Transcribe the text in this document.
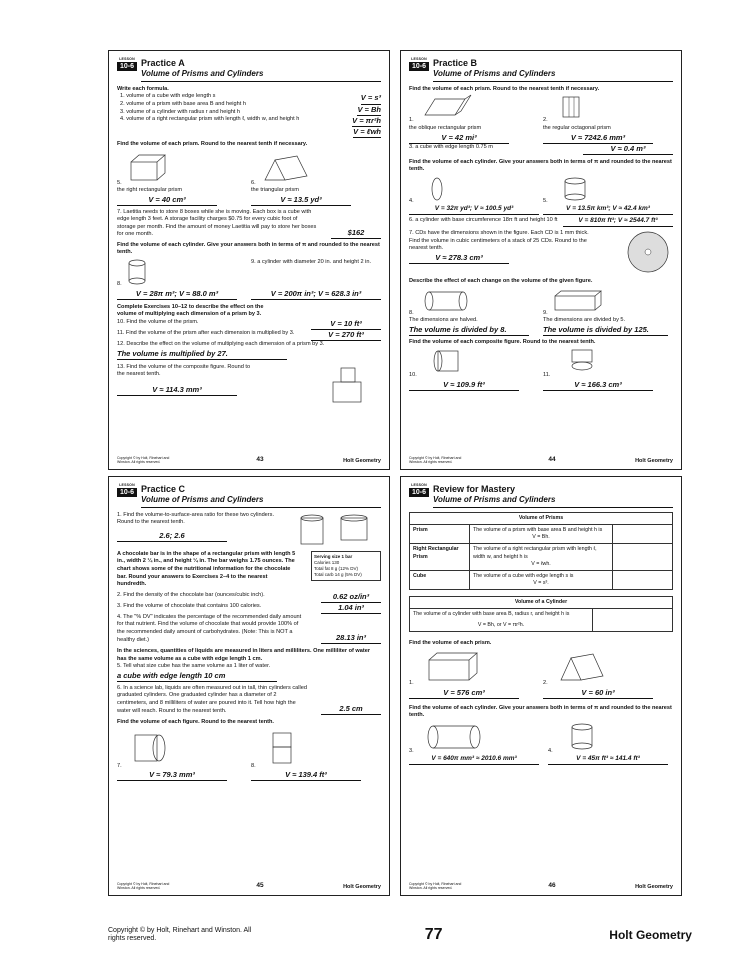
LESSON
10-6 Practice A
Volume of Prisms and Cylinders
Write each formula.
1. volume of a cube with edge length s
2. volume of a prism with base area B and height h
3. volume of a cylinder with radius r and height h
4. volume of a right rectangular prism with length ℓ, width w, and height h
V = s³
V = Bh
V = πr²h
V = ℓwh
Find the volume of each prism. Round to the nearest tenth if necessary.
5.
the right rectangular prism
V = 40 cm³
6.
the triangular prism
V ≈ 13.5 yd³
7. Laetitia needs to store 8 boxes while she is moving. Each box is a cube with edge length 3 feet. A storage facility charges $0.75 for every cubic foot of storage per month. Find the amount of money Laetitia will pay to store her boxes for one month.	$162
Find the volume of each cylinder. Give your answers both in terms of π and rounded to the nearest tenth.
8.
9. a cylinder with diameter 20 in. and height 2 in.
V = 28π m³; V ≈ 88.0 m³	V = 200π in³; V ≈ 628.3 in³
Complete Exercises 10–12 to describe the effect on the volume of multiplying each dimension of a prism by 3.
10. Find the volume of the prism.	V = 10 ft³
11. Find the volume of the prism after each dimension is multiplied by 3.	V = 270 ft³
12. Describe the effect on the volume of multiplying each dimension of a prism by 3.
The volume is multiplied by 27.
13. Find the volume of the composite figure. Round to the nearest tenth.
V ≈ 114.3 mm³
Copyright © by Holt, Rinehart and Winston. All rights reserved.	43	Holt Geometry
LESSON
10-6 Practice B
Volume of Prisms and Cylinders
Find the volume of each prism. Round to the nearest tenth if necessary.
1.
the oblique rectangular prism
V = 42 mi³
2.
the regular octagonal prism
V ≈ 7242.6 mm³
3. a cube with edge length 0.75 m	V ≈ 0.4 m³
Find the volume of each cylinder. Give your answers both in terms of π and rounded to the nearest tenth.
4.	5.
V = 32π yd³; V ≈ 100.5 yd³	V = 13.5π km³; V ≈ 42.4 km³
6. a cylinder with base circumference 18π ft and height 10 ft	V = 810π ft³; V ≈ 2544.7 ft³
7. CDs have the dimensions shown in the figure. Each CD is 1 mm thick. Find the volume in cubic centimeters of a stack of 25 CDs. Round to the nearest tenth.
V ≈ 278.3 cm³
Describe the effect of each change on the volume of the given figure.
8.
The dimensions are halved.
The volume is divided by 8.
9.
The dimensions are divided by 5.
The volume is divided by 125.
Find the volume of each composite figure. Round to the nearest tenth.
10.  V ≈ 109.9 ft³
11.  V ≈ 166.3 cm³
Copyright © by Holt, Rinehart and Winston. All rights reserved.	44	Holt Geometry
LESSON
10-6 Practice C
Volume of Prisms and Cylinders
1. Find the volume-to-surface-area ratio for these two cylinders. Round to the nearest tenth.
2.6; 2.6
A chocolate bar is in the shape of a rectangular prism with length 5 in., width 2 ¼ in., and height ¼ in. The bar weighs 1.75 ounces. The chart shows some of the nutritional information for the chocolate bar. Round your answers to Exercises 2–4 to the nearest hundredth.
Serving size 1 bar
Calories 130
Total fat 8 g (12% DV)
Total carb 14 g (5% DV)
2. Find the density of the chocolate bar (ounces/cubic inch).	0.62 oz/in³
3. Find the volume of chocolate that contains 100 calories.	1.04 in³
4. The "% DV" indicates the percentage of the recommended daily amount for that nutrient. Find the volume of chocolate that would provide 100% of the recommended daily amount of carbohydrates. (Note: This is NOT a healthy diet.)	28.13 in³
In the sciences, quantities of liquids are measured in liters and milliliters. One milliliter of water has the same volume as a cube with edge length 1 cm.
5. Tell what size cube has the same volume as 1 liter of water.
a cube with edge length 10 cm
6. In a science lab, liquids are often measured out in tall, thin cylinders called graduated cylinders. One graduated cylinder has a diameter of 2 centimeters, and 8 milliliters of water are poured into it. Tell how high the water will reach. Round to the nearest tenth.	2.5 cm
Find the volume of each figure. Round to the nearest tenth.
7.  V ≈ 79.3 mm³
8.  V ≈ 139.4 ft³
Copyright © by Holt, Rinehart and Winston. All rights reserved.	45	Holt Geometry
LESSON
10-6 Review for Mastery
Volume of Prisms and Cylinders
Volume of Prisms		
Prism	The volume of a prism with base area B and height h is
V = Bh.	

Right Rectangular Prism	The volume of a right rectangular prism with length ℓ, width w, and height h is
V = ℓwh.	

Cube	The volume of a cube with edge length s is
V = s³.	

Volume of a Cylinder

The volume of a cylinder with base area B, radius r, and height h is
V = Bh, or V = πr²h.

Find the volume of each prism.
1.  V = 576 cm³
2.  V = 60 in³
Find the volume of each cylinder. Give your answers both in terms of π and rounded to the nearest tenth.
3.  V = 640π mm³ ≈ 2010.6 mm³
4.  V = 45π ft³ ≈ 141.4 ft³
Copyright © by Holt, Rinehart and Winston. All rights reserved.	46	Holt Geometry
Copyright © by Holt, Rinehart and Winston. All rights reserved.	77	Holt Geometry
